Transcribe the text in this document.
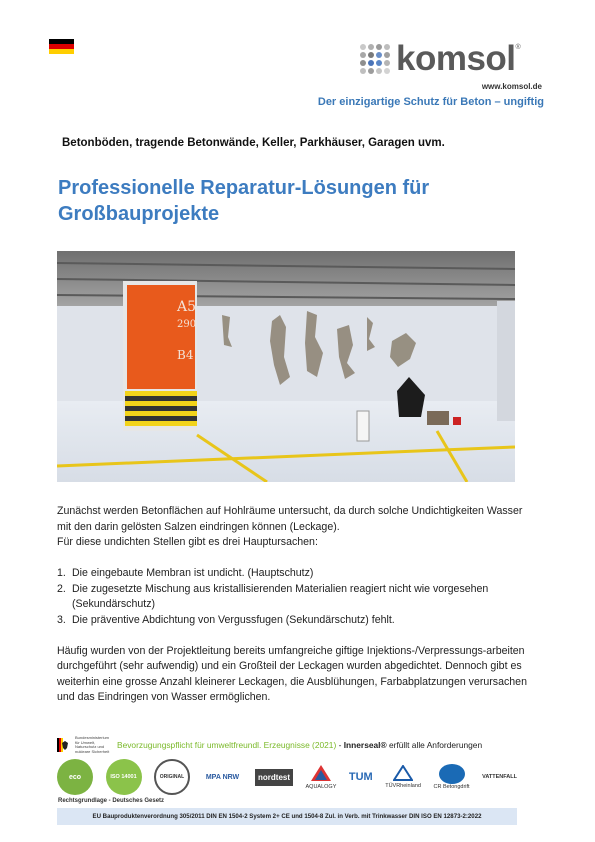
komsol ®
www.komsol.de
Der einzigartige Schutz für Beton – ungiftig
Betonböden, tragende Betonwände, Keller, Parkhäuser, Garagen uvm.
Professionelle Reparatur-Lösungen für Großbauprojekte
A5
290
B4

Zunächst werden Betonflächen auf Hohlräume untersucht, da durch solche Undichtigkeiten Wasser mit den darin gelösten Salzen eindringen können (Leckage).

Für diese undichten Stellen gibt es drei Hauptursachen:

1. Die eingebaute Membran ist undicht. (Hauptschutz)
2. Die zugesetzte Mischung aus kristallisierenden Materialien reagiert nicht wie vorgesehen (Sekundärschutz)
3. Die präventive Abdichtung von Vergussfugen (Sekundärschutz) fehlt.

Häufig wurden von der Projektleitung bereits umfangreiche giftige Injektions-/Verpressungs-arbeiten durchgeführt (sehr aufwendig) und ein Großteil der Leckagen wurden abgedichtet. Dennoch gibt es weiterhin eine grosse Anzahl kleinerer Leckagen, die Ausblühungen, Farbabplatzungen verursachen und das Eindringen von Wasser ermöglichen.

Bundesministerium für Umwelt, Naturschutz und nukleare Sicherheit
Bevorzugungspflicht für umweltfreundl. Erzeugnisse (2021) - Innerseal® erfüllt alle Anforderungen
eco	ISO 14001	ORIGINAL	MPA NRW	nordtest
AQUALOGY
TUM
TÜVRheinland CR Betongdrift
VATTENFALL
Rechtsgrundlage - Deutsches Gesetz
EU Bauproduktenverordnung 305/2011 DIN EN 1504-2 System 2+ CE und 1504-8 Zul. in Verb. mit Trinkwasser DIN ISO EN 12873-2:2022
